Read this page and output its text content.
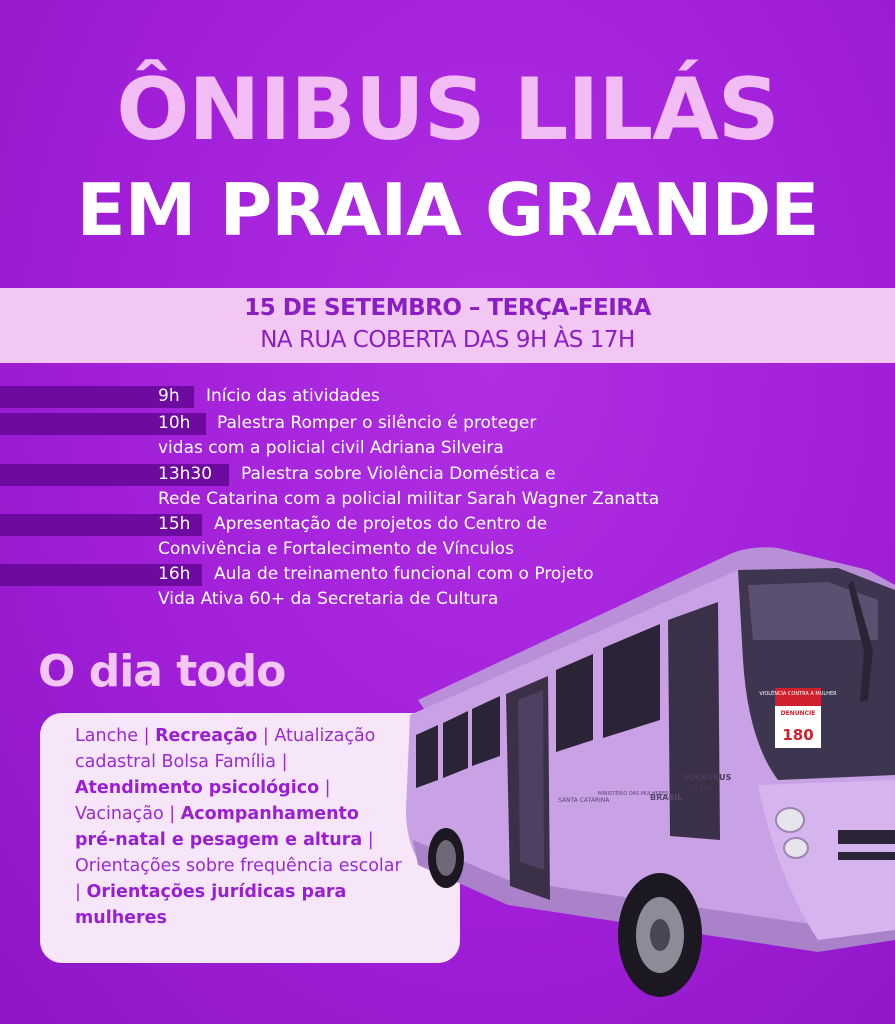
ÔNIBUS LILÁS
EM PRAIA GRANDE
15 DE SETEMBRO – TERÇA-FEIRA
NA RUA COBERTA DAS 9H ÀS 17H
9h Início das atividades
10h Palestra Romper o silêncio é proteger
vidas com a policial civil Adriana Silveira
13h30 Palestra sobre Violência Doméstica e
Rede Catarina com a policial militar Sarah Wagner Zanatta
15h Apresentação de projetos do Centro de
Convivência e Fortalecimento de Vínculos
16h Aula de treinamento funcional com o Projeto
Vida Ativa 60+ da Secretaria de Cultura
O dia todo
Lanche | Recreação | Atualização cadastral Bolsa Família | Atendimento psicológico | Vacinação | Acompanhamento pré-natal e pesagem e altura | Orientações sobre frequência escolar | Orientações jurídicas para mulheres
VIOLÊNCIA CONTRA A MULHER
DENUNCIE
180
VOLKSBUS
15-190
SANTA CATARINA
MINISTÉRIO DAS MULHERES
BRASIL
